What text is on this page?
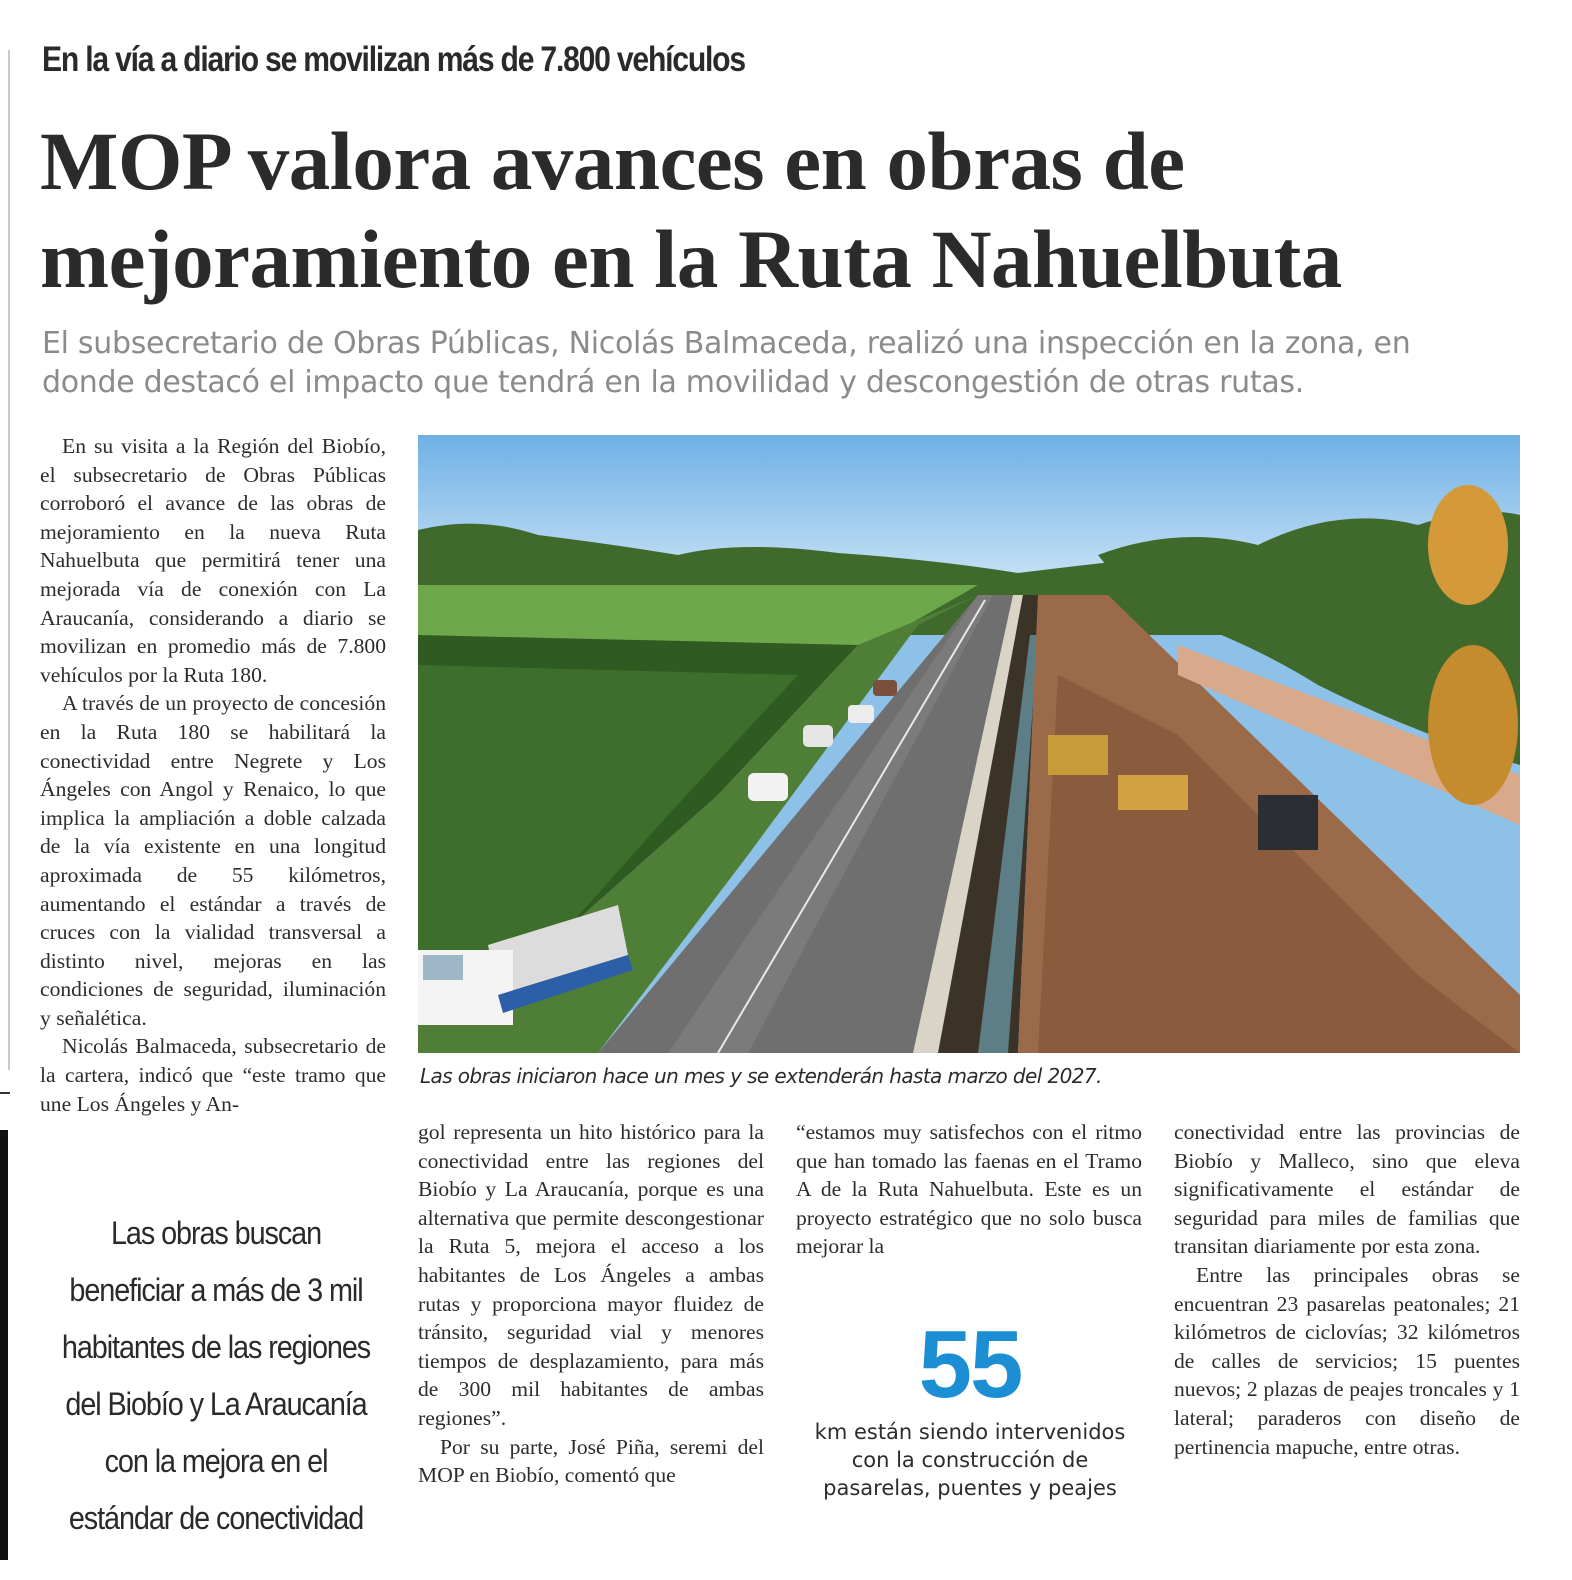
En la vía a diario se movilizan más de 7.800 vehículos
MOP valora avances en obras de
mejoramiento en la Ruta Nahuelbuta
El subsecretario de Obras Públicas, Nicolás Balmaceda, realizó una inspección en la zona, en
donde destacó el impacto que tendrá en la movilidad y descongestión de otras rutas.

En su visita a la Región del Biobío, el subsecretario de Obras Públicas corroboró el avance de las obras de mejoramiento en la nueva Ruta Nahuelbuta que permitirá tener una mejorada vía de conexión con La Araucanía, considerando a diario se movilizan en promedio más de 7.800 vehículos por la Ruta 180.

A través de un proyecto de concesión en la Ruta 180 se habilitará la conectividad entre Negrete y Los Ángeles con Angol y Renaico, lo que implica la ampliación a doble calzada de la vía existente en una longitud aproximada de 55 kilómetros, aumentando el estándar a través de cruces con la vialidad transversal a distinto nivel, mejoras en las condiciones de seguridad, iluminación y señalética.

Nicolás Balmaceda, subsecretario de la cartera, indicó que “este tramo que une Los Ángeles y An-

Las obras iniciaron hace un mes y se extenderán hasta marzo del 2027.
Las obras buscan beneficiar a más de 3 mil habitantes de las regiones del Biobío y La Araucanía con la mejora en el estándar de conectividad

gol representa un hito histórico para la conectividad entre las regiones del Biobío y La Araucanía, porque es una alternativa que permite descongestionar la Ruta 5, mejora el acceso a los habitantes de Los Ángeles a ambas rutas y proporciona mayor fluidez de tránsito, seguridad vial y menores tiempos de desplazamiento, para más de 300 mil habitantes de ambas regiones”.

Por su parte, José Piña, seremi del MOP en Biobío, comentó que

“estamos muy satisfechos con el ritmo que han tomado las faenas en el Tramo A de la Ruta Nahuelbuta. Este es un proyecto estratégico que no solo busca mejorar la

55
km están siendo intervenidos con la construcción de pasarelas, puentes y peajes

conectividad entre las provincias de Biobío y Malleco, sino que eleva significativamente el estándar de seguridad para miles de familias que transitan diariamente por esta zona.

Entre las principales obras se encuentran 23 pasarelas peatonales; 21 kilómetros de ciclovías; 32 kilómetros de calles de servicios; 15 puentes nuevos; 2 plazas de peajes troncales y 1 lateral; paraderos con diseño de pertinencia mapuche, entre otras.
